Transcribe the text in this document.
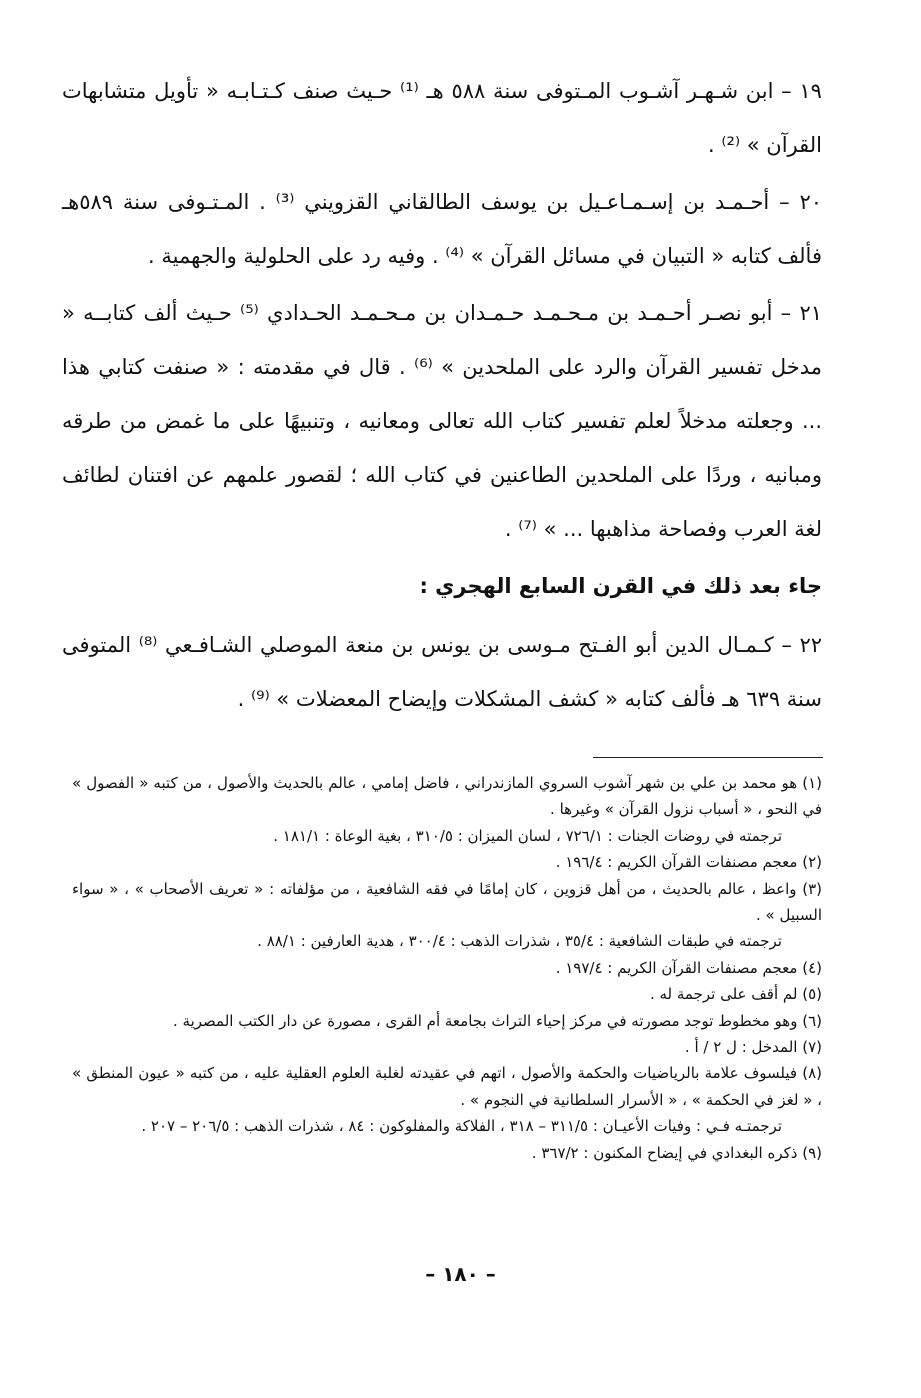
١٩ – ابن شـهـر آشـوب المـتوفى سنة ٥٨٨ هـ ⁽¹⁾ حـيث صنف كـتـابـه « تأويل متشابهات القرآن » ⁽²⁾ .

٢٠ – أحـمـد بن إسـمـاعـيل بن يوسف الطالقاني القزويني ⁽³⁾ . المـتـوفى سنة ٥٨٩هـ فألف كتابه « التبيان في مسائل القرآن » ⁽⁴⁾ . وفيه رد على الحلولية والجهمية .

٢١ – أبو نصـر أحـمـد بن مـحـمـد حـمـدان بن مـحـمـد الحـدادي ⁽⁵⁾ حـيث ألف كتابــه « مدخل تفسير القرآن والرد على الملحدين » ⁽⁶⁾ . قال في مقدمته : « صنفت كتابي هذا ... وجعلته مدخلاً لعلم تفسير كتاب الله تعالى ومعانيه ، وتنبيهًا على ما غمض من طرقه ومبانيه ، وردًا على الملحدين الطاعنين في كتاب الله ؛ لقصور علمهم عن افتنان لطائف لغة العرب وفصاحة مذاهبها ... » ⁽⁷⁾ .

جاء بعد ذلك في القرن السابع الهجري :

٢٢ – كـمـال الدين أبو الفـتح مـوسى بن يونس بن منعة الموصلي الشـافـعي ⁽⁸⁾ المتوفى سنة ٦٣٩ هـ فألف كتابه « كشف المشكلات وإيضاح المعضلات » ⁽⁹⁾ .

(١) هو محمد بن علي بن شهر آشوب السروي المازندراني ، فاضل إمامي ، عالم بالحديث والأصول ، من كتبه « الفصول » في النحو ، « أسباب نزول القرآن » وغيرها .

ترجمته في روضات الجنات : ٧٢٦/١ ، لسان الميزان : ٣١٠/٥ ، بغية الوعاة : ١٨١/١ .

(٢) معجم مصنفات القرآن الكريم : ١٩٦/٤ .

(٣) واعظ ، عالم بالحديث ، من أهل قزوين ، كان إمامًا في فقه الشافعية ، من مؤلفاته : « تعريف الأصحاب » ، « سواء السبيل » .

ترجمته في طبقات الشافعية : ٣٥/٤ ، شذرات الذهب : ٣٠٠/٤ ، هدية العارفين : ٨٨/١ .

(٤) معجم مصنفات القرآن الكريم : ١٩٧/٤ .

(٥) لم أقف على ترجمة له .

(٦) وهو مخطوط توجد مصورته في مركز إحياء التراث بجامعة أم القرى ، مصورة عن دار الكتب المصرية .

(٧) المدخل : ل ٢ / أ .

(٨) فيلسوف علامة بالرياضيات والحكمة والأصول ، اتهم في عقيدته لغلبة العلوم العقلية عليه ، من كتبه « عيون المنطق » ، « لغز في الحكمة » ، « الأسرار السلطانية في النجوم » .

ترجمتـه فـي : وفيات الأعيـان : ٣١١/٥ – ٣١٨ ، الفلاكة والمفلوكون : ٨٤ ، شذرات الذهب : ٢٠٦/٥ – ٢٠٧ .

(٩) ذكره البغدادي في إيضاح المكنون : ٣٦٧/٢ .

– ١٨٠ –
